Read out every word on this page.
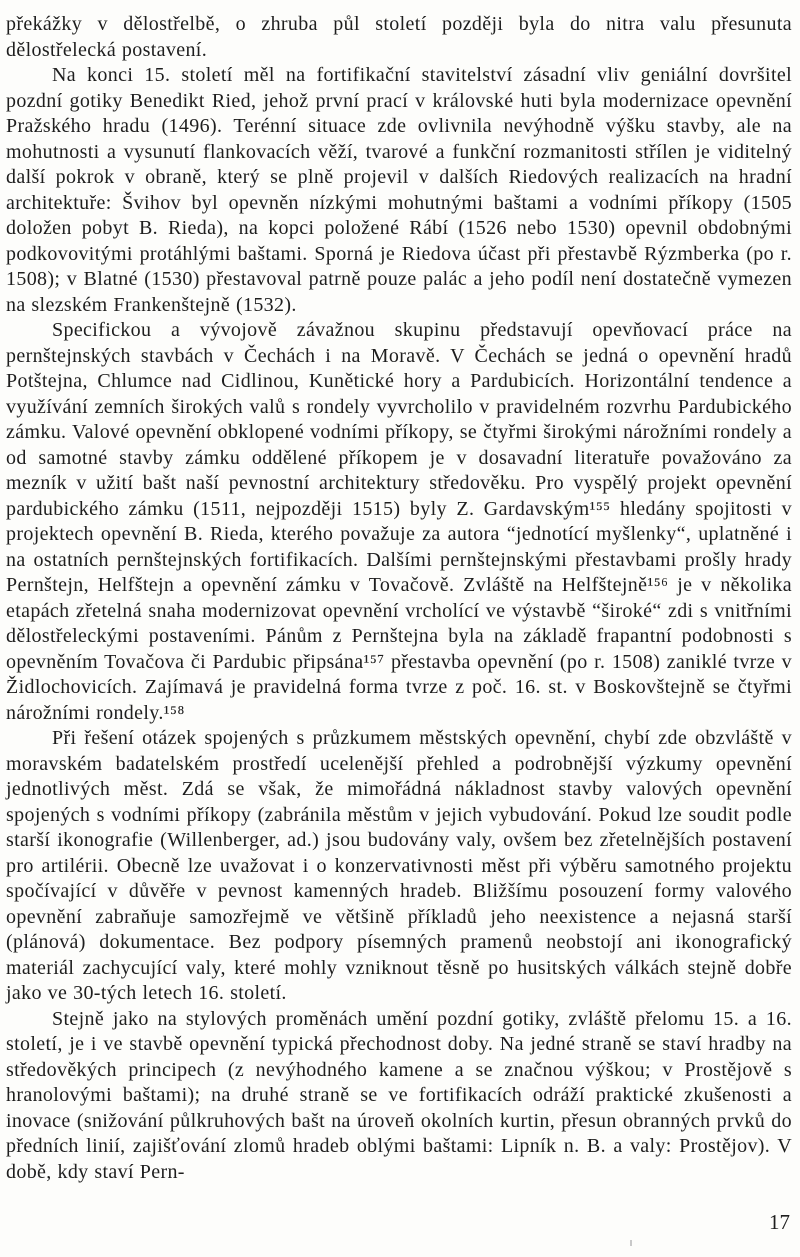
překážky v dělostřelbě, o zhruba půl století později byla do nitra valu přesunuta dělostřelecká postavení.

Na konci 15. století měl na fortifikační stavitelství zásadní vliv geniální dovršitel pozdní gotiky Benedikt Ried, jehož první prací v královské huti byla modernizace opevnění Pražského hradu (1496). Terénní situace zde ovlivnila nevýhodně výšku stavby, ale na mohutnosti a vysunutí flankovacích věží, tvarové a funkční rozmanitosti střílen je viditelný další pokrok v obraně, který se plně projevil v dalších Riedových realizacích na hradní architektuře: Švihov byl opevněn nízkými mohutnými baštami a vodními příkopy (1505 doložen pobyt B. Rieda), na kopci položené Rábí (1526 nebo 1530) opevnil obdobnými podkovovitými protáhlými baštami. Sporná je Riedova účast při přestavbě Rýzmberka (po r. 1508); v Blatné (1530) přestavoval patrně pouze palác a jeho podíl není dostatečně vymezen na slezském Frankenštejně (1532).

Specifickou a vývojově závažnou skupinu představují opevňovací práce na pernštejnských stavbách v Čechách i na Moravě. V Čechách se jedná o opevnění hradů Potštejna, Chlumce nad Cidlinou, Kunětické hory a Pardubicích. Horizontální tendence a využívání zemních širokých valů s rondely vyvrcholilo v pravidelném rozvrhu Pardubického zámku. Valové opevnění obklopené vodními příkopy, se čtyřmi širokými nárožními rondely a od samotné stavby zámku oddělené příkopem je v dosavadní literatuře považováno za mezník v užití bašt naší pevnostní architektury středověku. Pro vyspělý projekt opevnění pardubického zámku (1511, nejpozději 1515) byly Z. Gardavským¹⁵⁵ hledány spojitosti v projektech opevnění B. Rieda, kterého považuje za autora “jednotící myšlenky“, uplatněné i na ostatních pernštejnských fortifikacích. Dalšími pernštejnskými přestavbami prošly hrady Pernštejn, Helfštejn a opevnění zámku v Tovačově. Zvláště na Helfštejně¹⁵⁶ je v několika etapách zřetelná snaha modernizovat opevnění vrcholící ve výstavbě “široké“ zdi s vnitřními dělostřeleckými postaveními. Pánům z Pernštejna byla na základě frapantní podobnosti s opevněním Tovačova či Pardubic připsána¹⁵⁷ přestavba opevnění (po r. 1508) zaniklé tvrze v Židlochovicích. Zajímavá je pravidelná forma tvrze z poč. 16. st. v Boskovštejně se čtyřmi nárožními rondely.¹⁵⁸

Při řešení otázek spojených s průzkumem městských opevnění, chybí zde obzvláště v moravském badatelském prostředí ucelenější přehled a podrobnější výzkumy opevnění jednotlivých měst. Zdá se však, že mimořádná nákladnost stavby valových opevnění spojených s vodními příkopy (zabránila městům v jejich vybudování. Pokud lze soudit podle starší ikonografie (Willenberger, ad.) jsou budovány valy, ovšem bez zřetelnějších postavení pro artilérii. Obecně lze uvažovat i o konzervativnosti měst při výběru samotného projektu spočívající v důvěře v pevnost kamenných hradeb. Bližšímu posouzení formy valového opevnění zabraňuje samozřejmě ve většině příkladů jeho neexistence a nejasná starší (plánová) dokumentace. Bez podpory písemných pramenů neobstojí ani ikonografický materiál zachycující valy, které mohly vzniknout těsně po husitských válkách stejně dobře jako ve 30-tých letech 16. století.

Stejně jako na stylových proměnách umění pozdní gotiky, zvláště přelomu 15. a 16. století, je i ve stavbě opevnění typická přechodnost doby. Na jedné straně se staví hradby na středověkých principech (z nevýhodného kamene a se značnou výškou; v Prostějově s hranolovými baštami); na druhé straně se ve fortifikacích odráží praktické zkušenosti a inovace (snižování půlkruhových bašt na úroveň okolních kurtin, přesun obranných prvků do předních linií, zajišťování zlomů hradeb oblými baštami: Lipník n. B. a valy: Prostějov). V době, kdy staví Pern-

17
